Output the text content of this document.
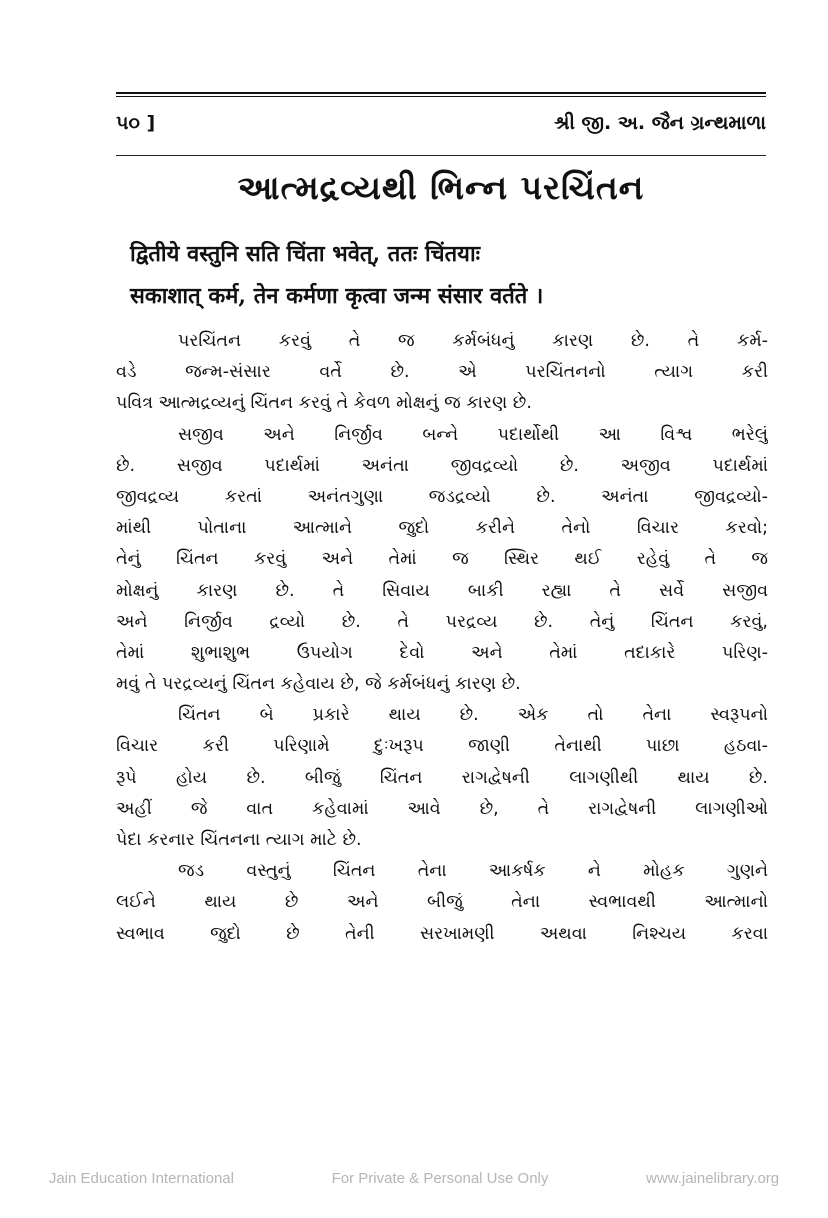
૫૦ ]	શ્રી જી. અ. જૈન ગ્રન્થમાળા
આત્મદ્રવ્યથી ભિન્ન પરચિંતન
द्वितीये वस्तुनि सति चिंता भवेत्, ततः चिंतयाः
सकाशात् कर्म, तेन कर्मणा कृत्वा जन्म संसार वर्तते ।
પરચિંતન કરવું તે જ કર્મબંધનું કારણ છે. તે કર્મ-
વડે જન્મ-સંસાર વર્તે છે. એ પરચિંતનનો ત્યાગ કરી
પવિત્ર આત્મદ્રવ્યનું ચિંતન કરવું તે કેવળ મોક્ષનું જ કારણ છે.
સજીવ અને નિર્જીવ બન્ને પદાર્થોથી આ વિશ્વ ભરેલું
છે. સજીવ પદાર્થમાં અનંતા જીવદ્રવ્યો છે. અજીવ પદાર્થમાં
જીવદ્રવ્ય કરતાં અનંતગુણા જડદ્રવ્યો છે. અનંતા જીવદ્રવ્યો-
માંથી પોતાના આત્માને જુદો કરીને તેનો વિચાર કરવો;
તેનું ચિંતન કરવું અને તેમાં જ સ્થિર થઈ રહેવું તે જ
મોક્ષનું કારણ છે. તે સિવાય બાકી રહ્યા તે સર્વે સજીવ
અને નિર્જીવ દ્રવ્યો છે. તે પરદ્રવ્ય છે. તેનું ચિંતન કરવું,
તેમાં શુભાશુભ ઉપયોગ દેવો અને તેમાં તદાકારે પરિણ-
મવું તે પરદ્રવ્યનું ચિંતન કહેવાય છે, જે કર્મબંધનું કારણ છે.
ચિંતન બે પ્રકારે થાય છે. એક તો તેના સ્વરૂપનો
વિચાર કરી પરિણામે દુઃખરૂપ જાણી તેનાથી પાછા હઠવા-
રૂપે હોય છે. બીજું ચિંતન રાગદ્વેષની લાગણીથી થાય છે.
અહીં જે વાત કહેવામાં આવે છે, તે રાગદ્વેષની લાગણીઓ
પેદા કરનાર ચિંતનના ત્યાગ માટે છે.
જડ વસ્તુનું ચિંતન તેના આકર્ષક ને મોહક ગુણને
લઈને થાય છે અને બીજું તેના સ્વભાવથી આત્માનો
સ્વભાવ જુદો છે તેની સરખામણી અથવા નિશ્ચય કરવા
Jain Education International	For Private & Personal Use Only	www.jainelibrary.org
